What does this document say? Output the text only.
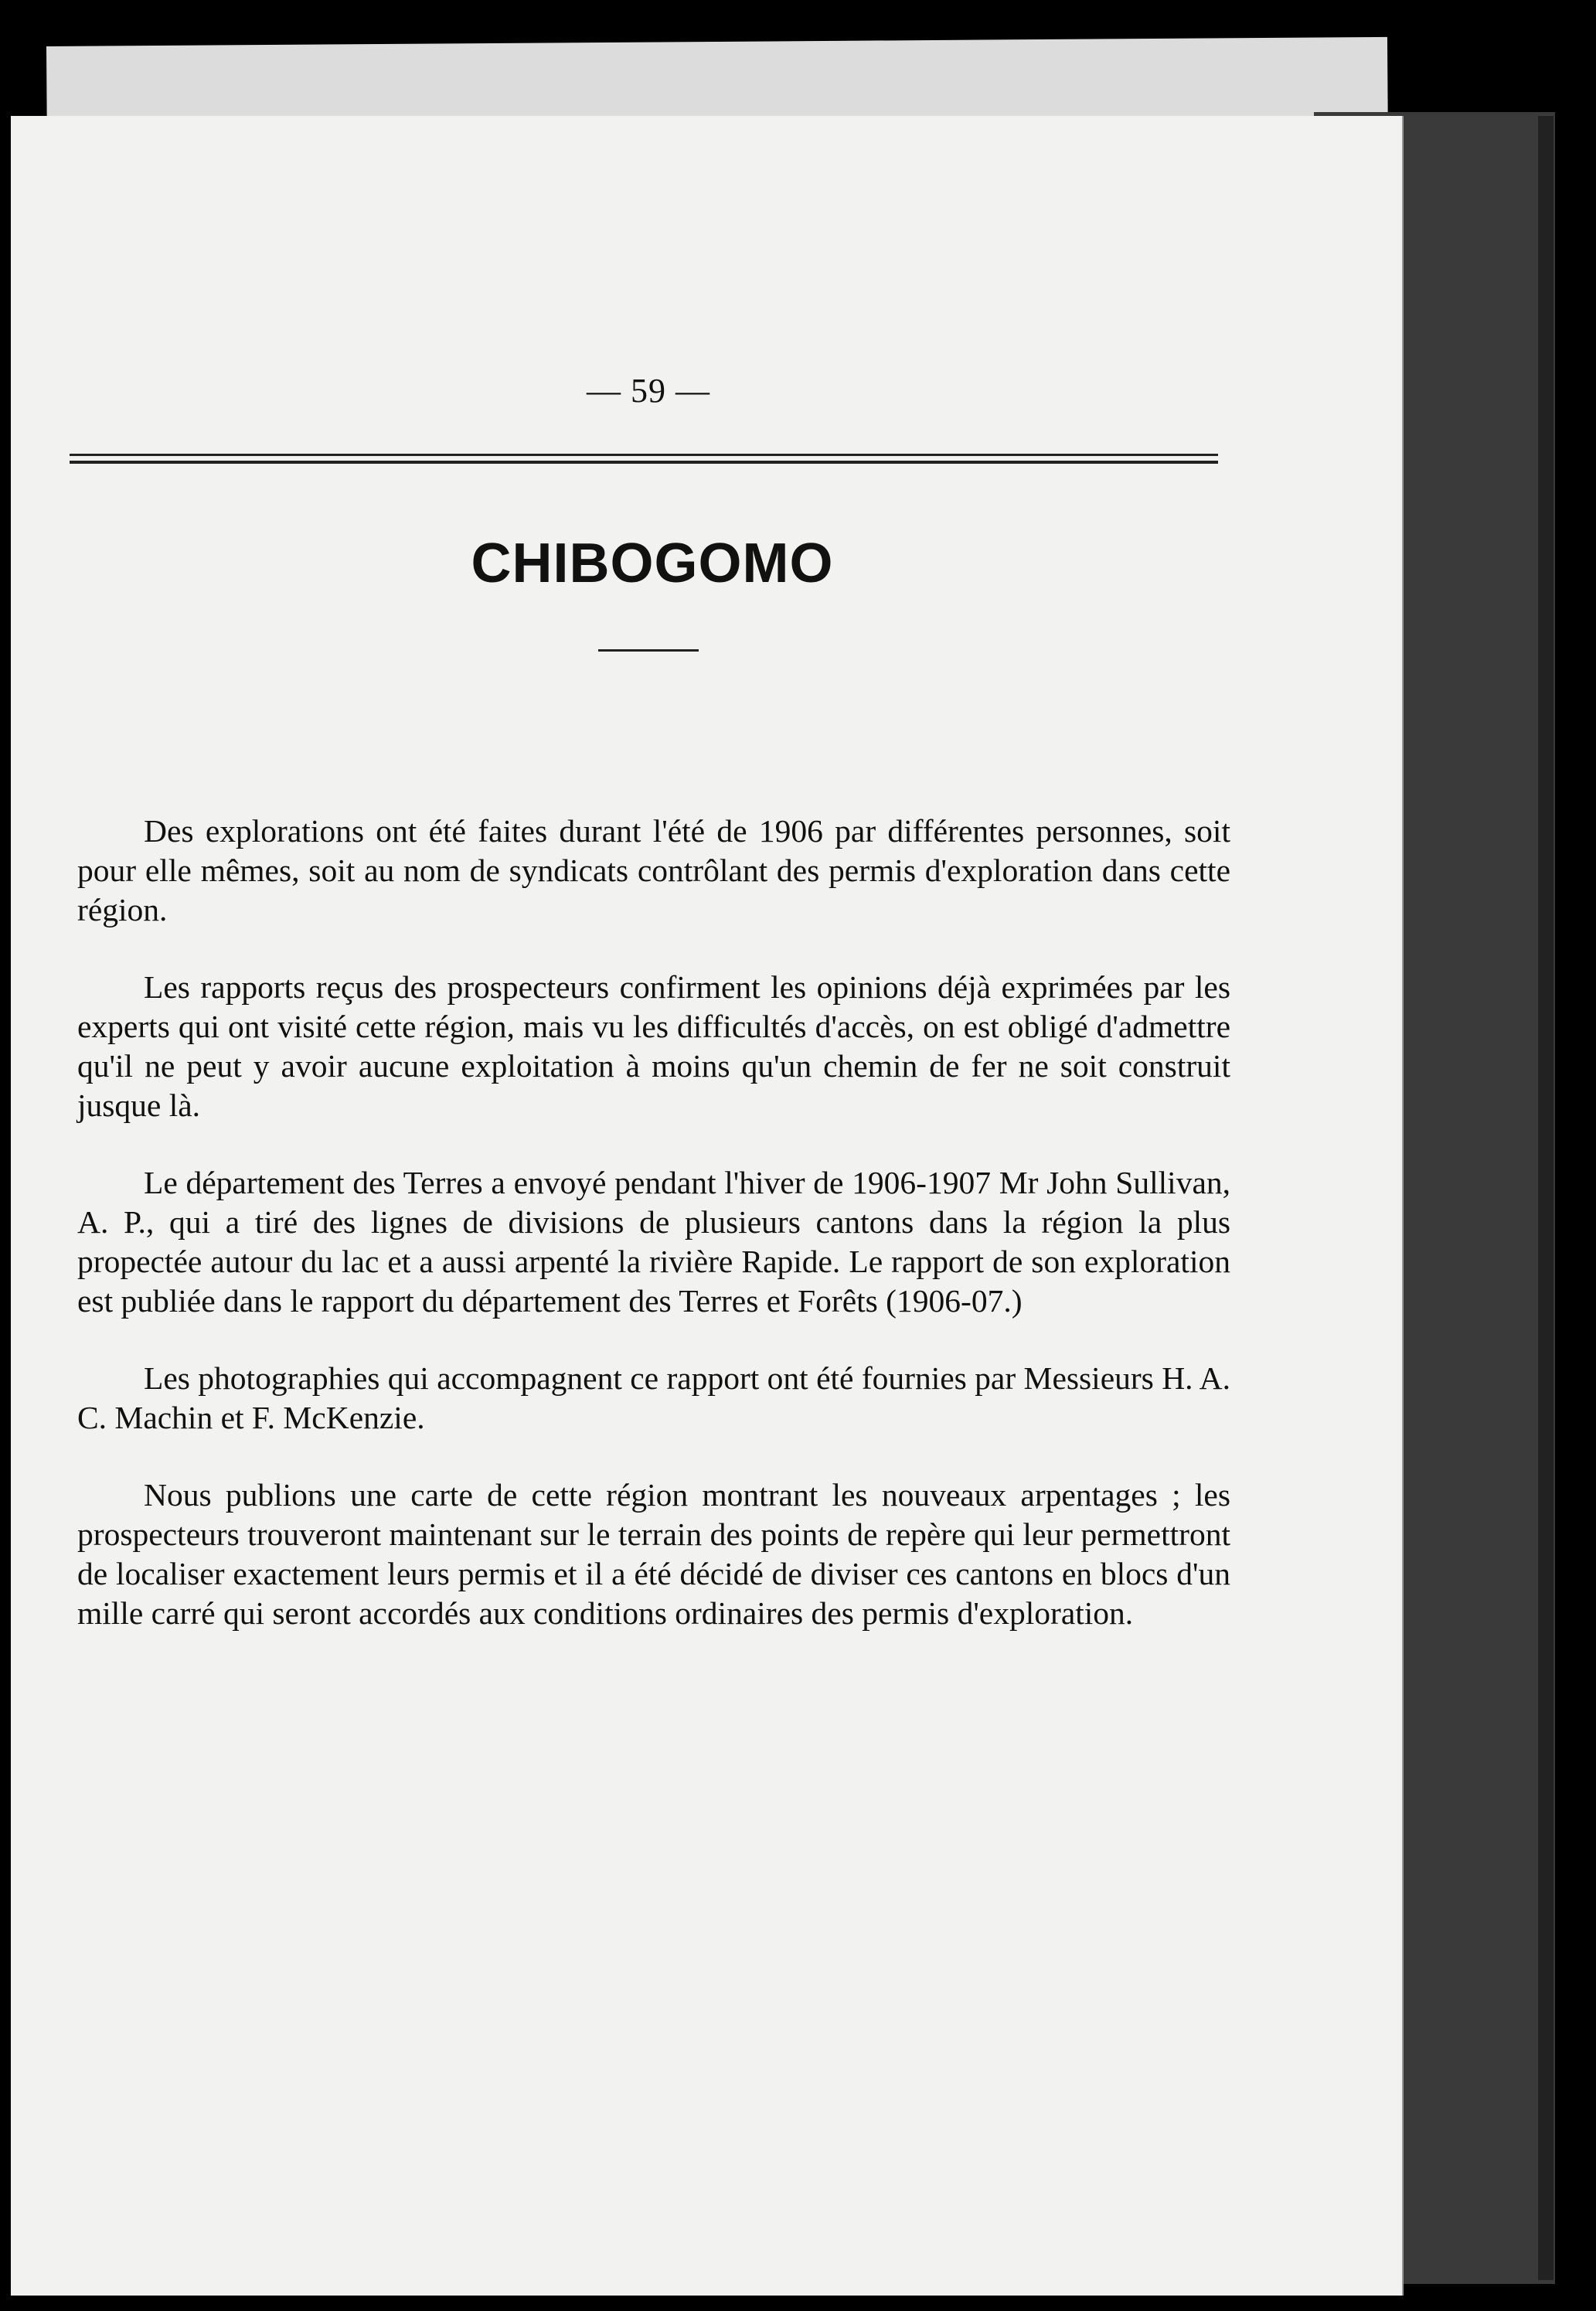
— 59 —
CHIBOGOMO

Des explorations ont été faites durant l'été de 1906 par différentes personnes, soit pour elle mêmes, soit au nom de syndicats contrôlant des permis d'exploration dans cette région.

Les rapports reçus des prospecteurs confirment les opinions déjà exprimées par les experts qui ont visité cette région, mais vu les difficultés d'accès, on est obligé d'admettre qu'il ne peut y avoir aucune exploitation à moins qu'un chemin de fer ne soit construit jusque là.

Le département des Terres a envoyé pendant l'hiver de 1906-1907 Mr John Sullivan, A. P., qui a tiré des lignes de divisions de plusieurs cantons dans la région la plus propectée autour du lac et a aussi arpenté la rivière Rapide. Le rapport de son exploration est publiée dans le rapport du département des Terres et Forêts (1906-07.)

Les photographies qui accompagnent ce rapport ont été fournies par Messieurs H. A. C. Machin et F. McKenzie.

Nous publions une carte de cette région montrant les nouveaux arpentages ; les prospecteurs trouveront maintenant sur le terrain des points de repère qui leur permettront de localiser exactement leurs permis et il a été décidé de diviser ces cantons en blocs d'un mille carré qui seront accordés aux conditions ordinaires des permis d'exploration.
